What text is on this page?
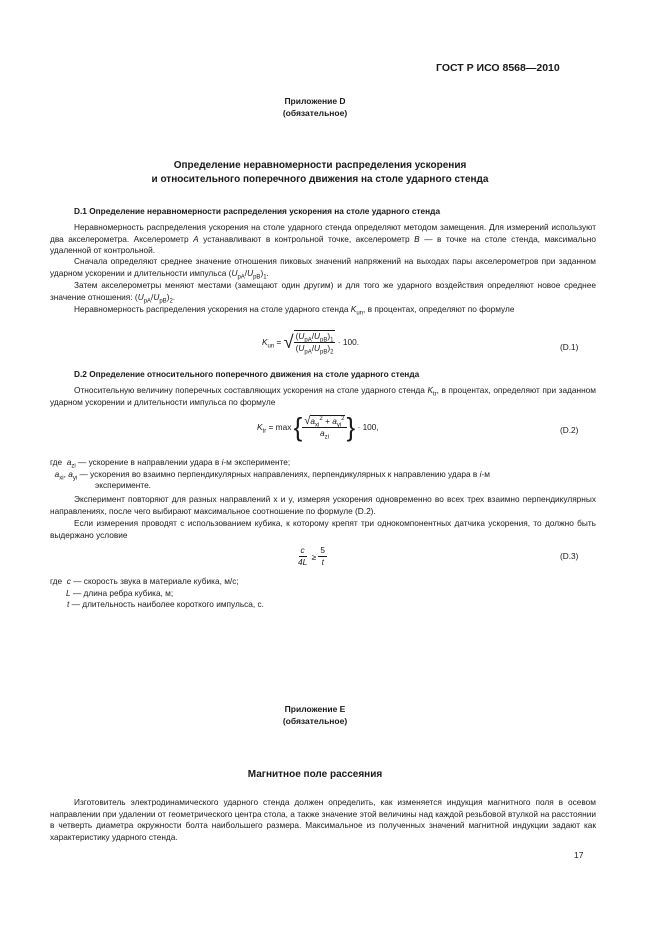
ГОСТ Р ИСО 8568—2010
Приложение D
(обязательное)
Определение неравномерности распределения ускорения
и относительного поперечного движения на столе ударного стенда
D.1 Определение неравномерности распределения ускорения на столе ударного стенда
Неравномерность распределения ускорения на столе ударного стенда определяют методом замещения. Для измерений используют два акселерометра. Акселерометр A устанавливают в контрольной точке, акселерометр B — в точке на столе стенда, максимально удаленной от контрольной.
Сначала определяют среднее значение отношения пиковых значений напряжений на выходах пары акселерометров при заданном ударном ускорении и длительности импульса $(U_{pA}/U_{pB})_1$.
Затем акселерометры меняют местами (замещают один другим) и для того же ударного воздействия определяют новое среднее значение отношения: $(U_{pA}/U_{pB})_2$.
Неравномерность распределения ускорения на столе ударного стенда $K_{un}$, в процентах, определяют по формуле
$K_{un}$ = √ $\frac{(U_{pA}/U_{pB})_1}{(U_{pA}/U_{pB})_2} \cdot 100$.	(D.1)
D.2 Определение относительного поперечного движения на столе ударного стенда
Относительную величину поперечных составляющих ускорения на столе ударного стенда $K_{tr}$, в процентах, определяют при заданном ударном ускорении и длительности импульса по формуле
$K_{tr} = \max$ { $\frac{√a_{xi}^2 + a_{yi}^2}{a_{zi}}$ } · 100,	(D.2)
где $a_{zi}$ — ускорение в направлении удара в i-м эксперименте;
$a_{xi}$, $a_{yi}$ — ускорения во взаимно перпендикулярных направлениях, перпендикулярных к направлению удара в i-м
эксперименте.
Эксперимент повторяют для разных направлений x и y, измеряя ускорения одновременно во всех трех взаимно перпендикулярных направлениях, после чего выбирают максимальное соотношение по формуле (D.2).
Если измерения проводят с использованием кубика, к которому крепят три однокомпонентных датчика ускорения, то должно быть выдержано условие
$\frac{c}{4L} \ge \frac{5}{t}$	(D.3)
где c — скорость звука в материале кубика, м/с;
L — длина ребра кубика, м;
t — длительность наиболее короткого импульса, с.
Приложение E
(обязательное)
Магнитное поле рассеяния
Изготовитель электродинамического ударного стенда должен определить, как изменяется индукция магнитного поля в осевом направлении при удалении от геометрического центра стола, а также значение этой величины над каждой резьбовой втулкой на расстоянии в четверть диаметра окружности болта наибольшего размера. Максимальное из полученных значений магнитной индукции задают как характеристику ударного стенда.
17
